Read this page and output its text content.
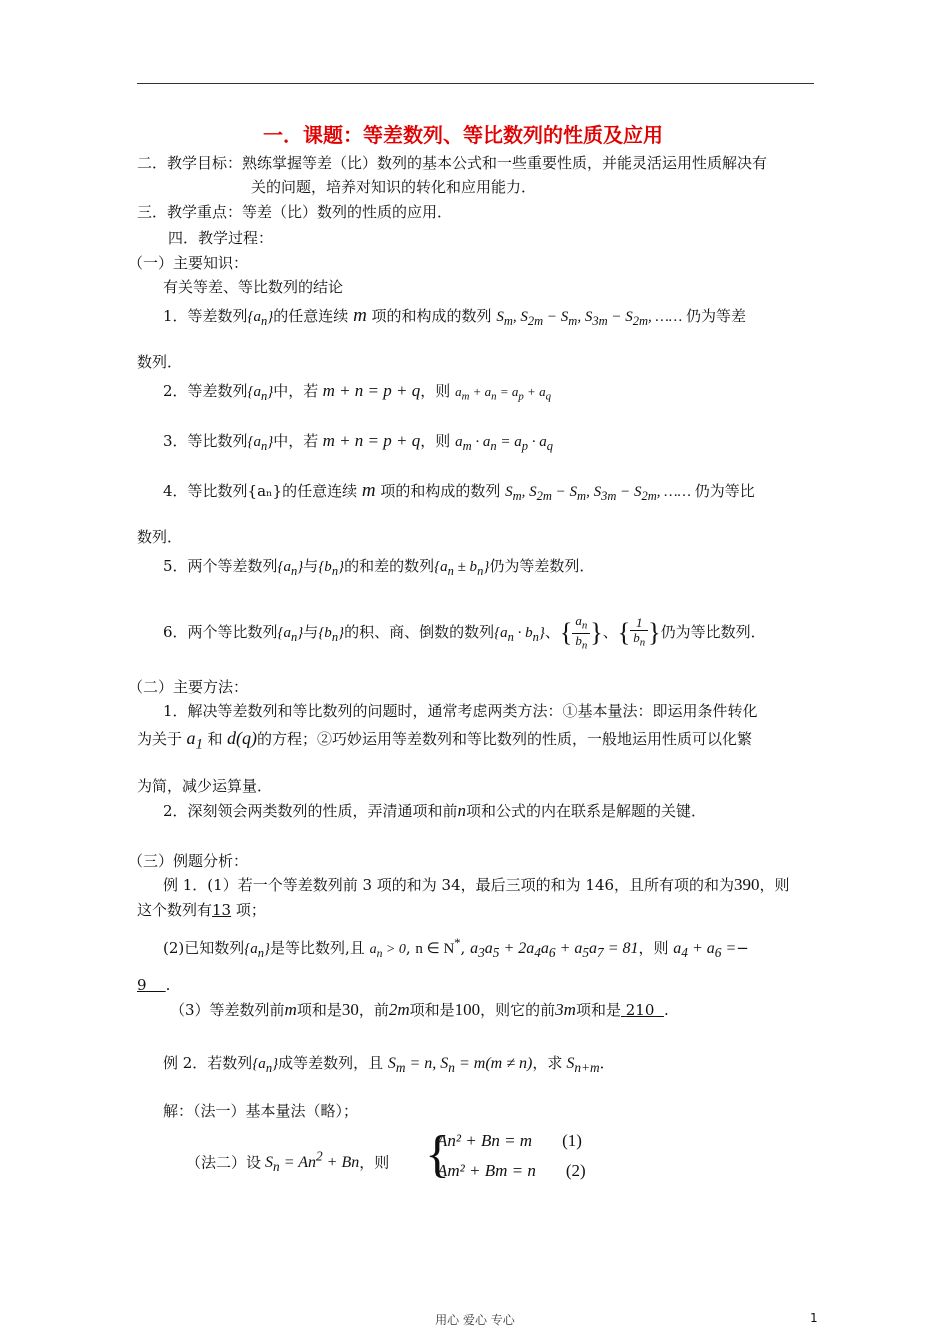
一．课题：等差数列、等比数列的性质及应用
二．教学目标：熟练掌握等差（比）数列的基本公式和一些重要性质，并能灵活运用性质解决有
关的问题，培养对知识的转化和应用能力．
三．教学重点：等差（比）数列的性质的应用．
四．教学过程：
（一）主要知识：
有关等差、等比数列的结论
1．等差数列$\{a_n\}$的任意连续 m 项的和构成的数列 $S_m$, $S_{2m} - S_m$, $S_{3m} - S_{2m}$, …… 仍为等差
数列．
2．等差数列$\{a_n\}$中，若 m + n = p + q，则 $a_m + a_n = a_p + a_q$
3．等比数列$\{a_n\}$中，若 m + n = p + q，则 $a_m \cdot a_n = a_p \cdot a_q$
4．等比数列{aₙ}的任意连续 m 项的和构成的数列 $S_m$, $S_{2m} - S_m$, $S_{3m} - S_{2m}$, …… 仍为等比
数列．
5．两个等差数列$\{a_n\}$与$\{b_n\}$的和差的数列$\{a_n \pm b_n\}$仍为等差数列．
6．两个等比数列$\{a_n\}$与$\{b_n\}$的积、商、倒数的数列$\{a_n \cdot b_n\}$、{ $\frac{a_n}{b_n}$ }、{ $\frac{1}{b_n}$ }仍为等比数列．
（二）主要方法：
1．解决等差数列和等比数列的问题时，通常考虑两类方法：①基本量法：即运用条件转化
为关于 $a_1$ 和 d(q)的方程；②巧妙运用等差数列和等比数列的性质，一般地运用性质可以化繁
为简，减少运算量．
2．深刻领会两类数列的性质，弄清通项和前n项和公式的内在联系是解题的关键．
（三）例题分析：
例 1．(1）若一个等差数列前 3 项的和为 34，最后三项的和为 146，且所有项的和为390，则
这个数列有13 项；
(2)已知数列$\{a_n\}$是等比数列,且 $a_n > 0$, n ∈ N*, $a_3a_5 + 2a_4a_6 + a_5a_7 = 81$，则 $a_4 + a_6$ =−
9 .
（3）等差数列前m项和是30，前2m项和是100，则它的前3m项和是 210 .
例 2．若数列$\{a_n\}$成等差数列，且 $S_m = n$, $S_n = m(m \ne n)$，求 $S_{n+m}$．
解：（法一）基本量法（略）；
（法二）设 $S_n = An^2 + Bn$，则 {
An² + Bn = m (1)
Am² + Bm = n (2)
用心 爱心 专心	1
